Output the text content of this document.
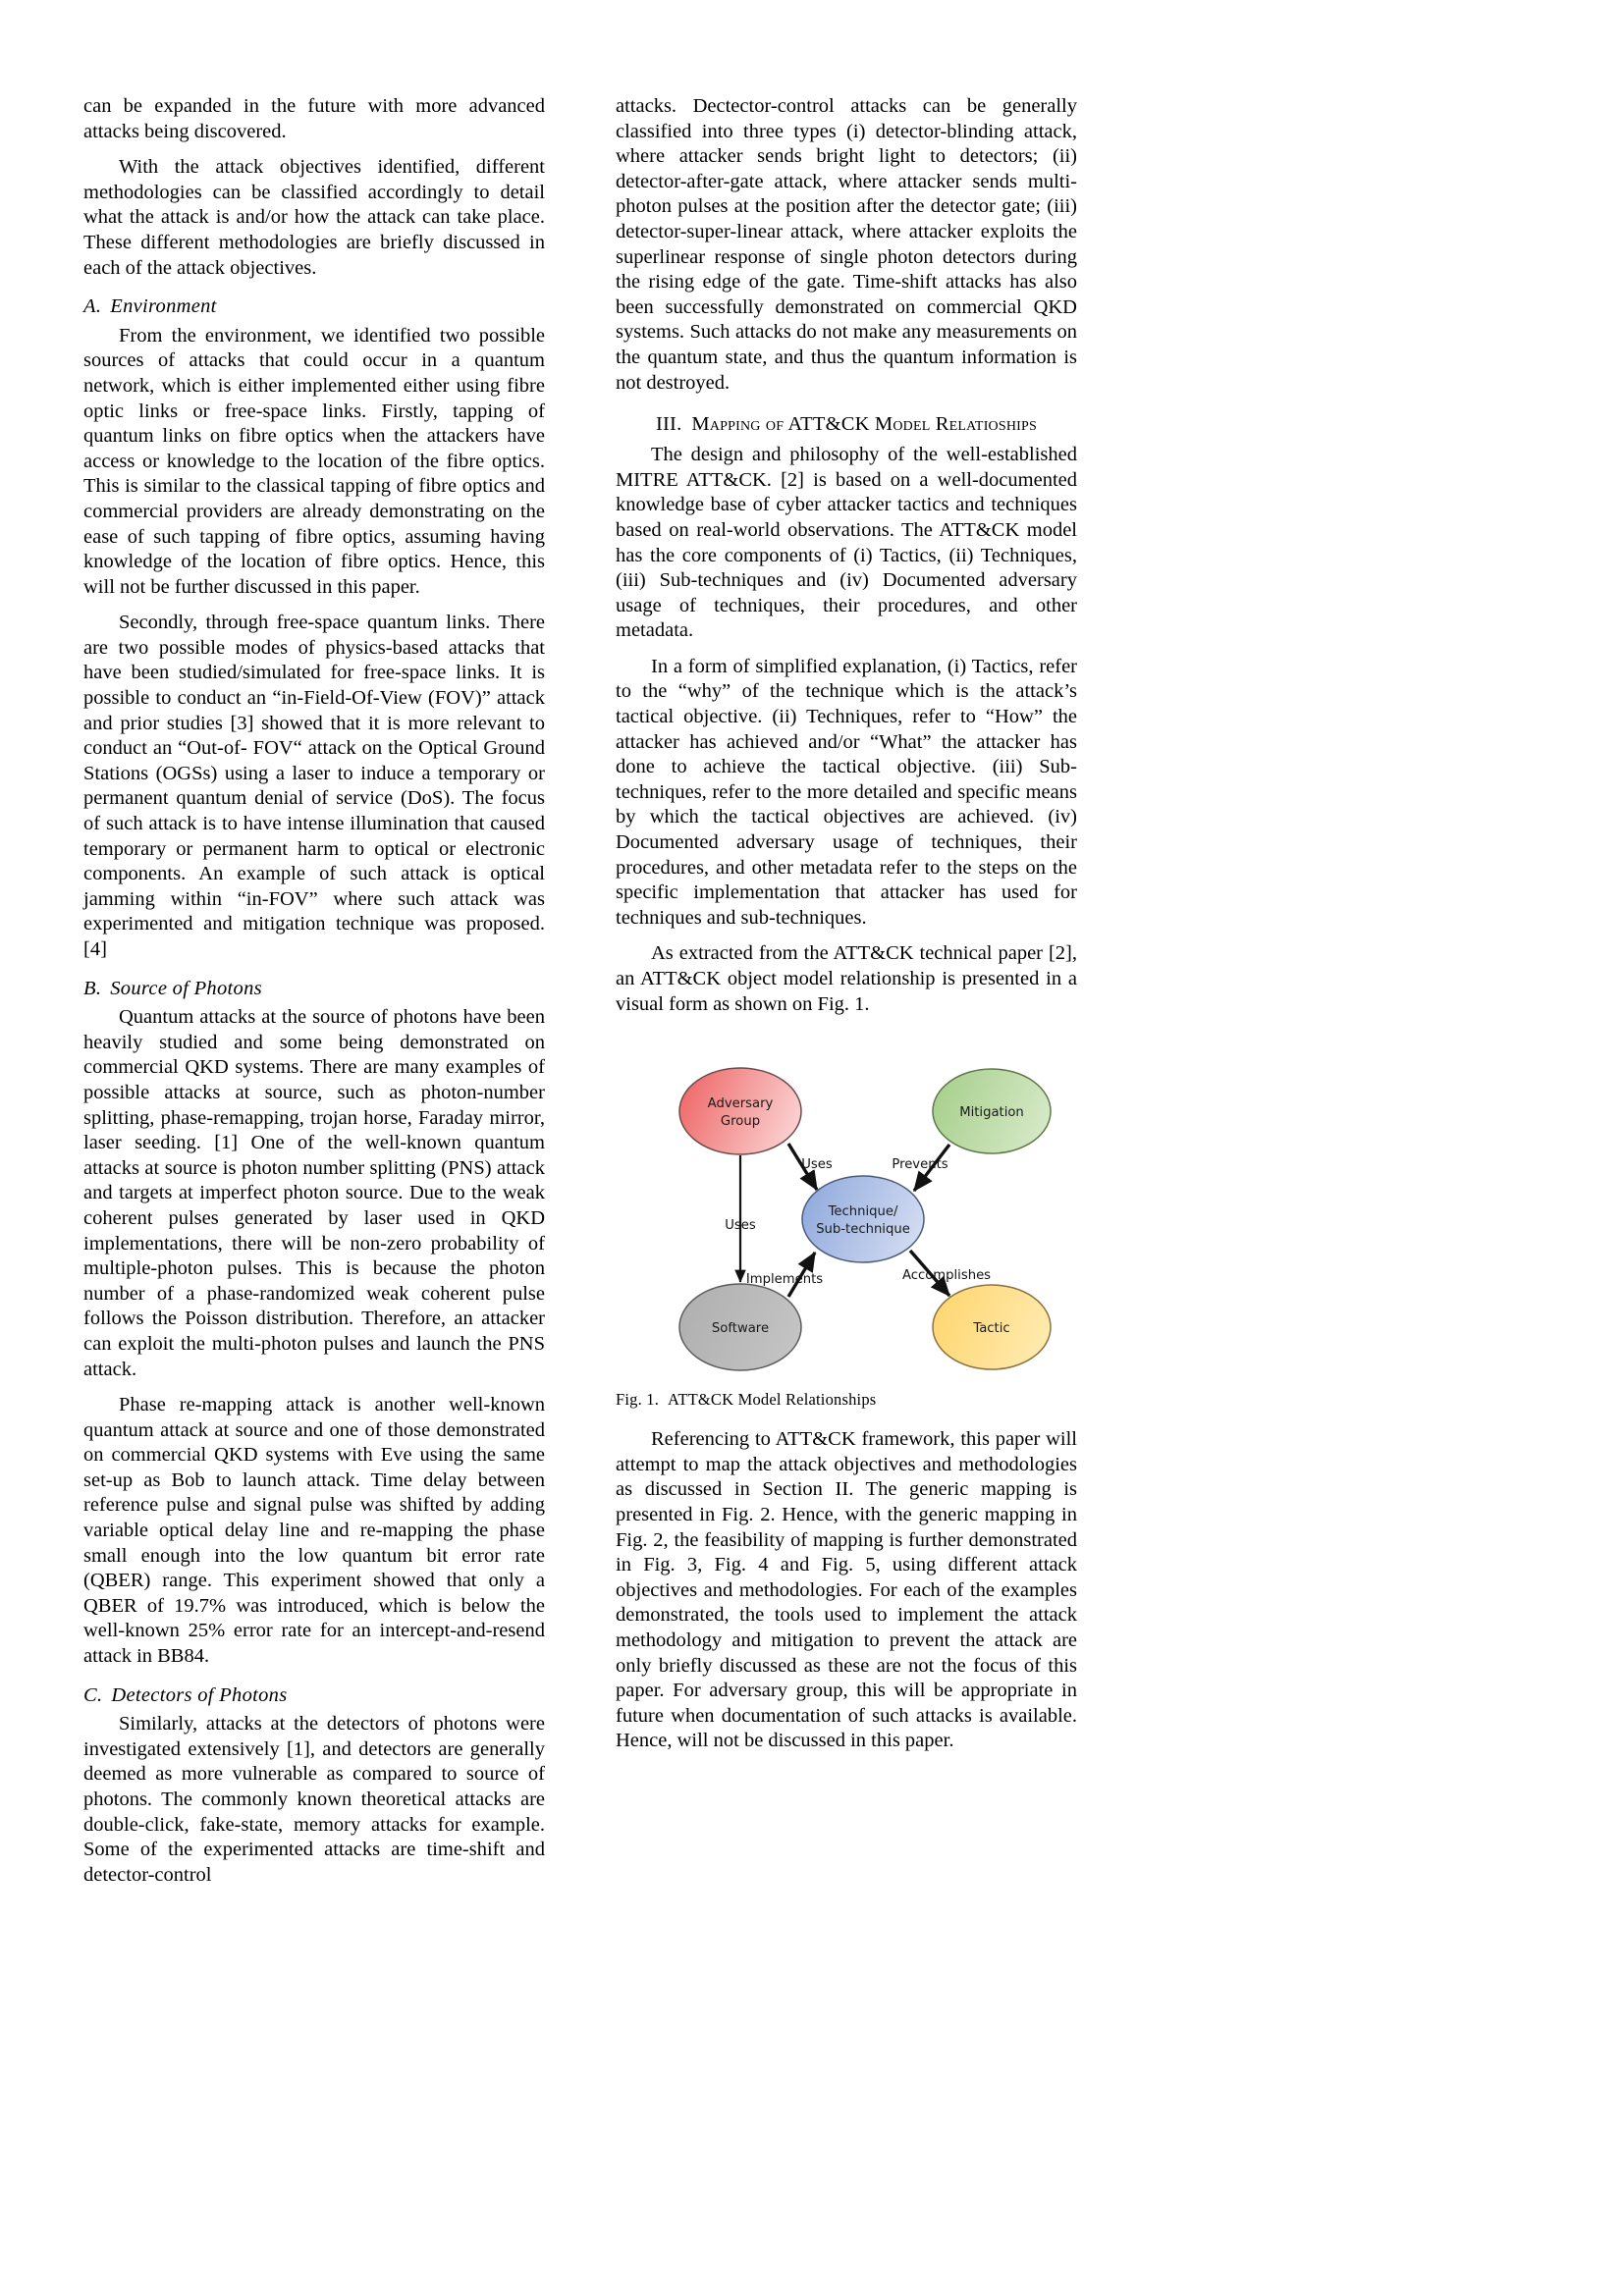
can be expanded in the future with more advanced attacks being discovered.

With the attack objectives identified, different methodologies can be classified accordingly to detail what the attack is and/or how the attack can take place. These different methodologies are briefly discussed in each of the attack objectives.

A. Environment

From the environment, we identified two possible sources of attacks that could occur in a quantum network, which is either implemented either using fibre optic links or free-space links. Firstly, tapping of quantum links on fibre optics when the attackers have access or knowledge to the location of the fibre optics. This is similar to the classical tapping of fibre optics and commercial providers are already demonstrating on the ease of such tapping of fibre optics, assuming having knowledge of the location of fibre optics. Hence, this will not be further discussed in this paper.

Secondly, through free-space quantum links. There are two possible modes of physics-based attacks that have been studied/simulated for free-space links. It is possible to conduct an “in-Field-Of-View (FOV)” attack and prior studies [3] showed that it is more relevant to conduct an “Out-of- FOV“ attack on the Optical Ground Stations (OGSs) using a laser to induce a temporary or permanent quantum denial of service (DoS). The focus of such attack is to have intense illumination that caused temporary or permanent harm to optical or electronic components. An example of such attack is optical jamming within “in-FOV” where such attack was experimented and mitigation technique was proposed. [4]

B. Source of Photons

Quantum attacks at the source of photons have been heavily studied and some being demonstrated on commercial QKD systems. There are many examples of possible attacks at source, such as photon-number splitting, phase-remapping, trojan horse, Faraday mirror, laser seeding. [1] One of the well-known quantum attacks at source is photon number splitting (PNS) attack and targets at imperfect photon source. Due to the weak coherent pulses generated by laser used in QKD implementations, there will be non-zero probability of multiple-photon pulses. This is because the photon number of a phase-randomized weak coherent pulse follows the Poisson distribution. Therefore, an attacker can exploit the multi-photon pulses and launch the PNS attack.

Phase re-mapping attack is another well-known quantum attack at source and one of those demonstrated on commercial QKD systems with Eve using the same set-up as Bob to launch attack. Time delay between reference pulse and signal pulse was shifted by adding variable optical delay line and re-mapping the phase small enough into the low quantum bit error rate (QBER) range. This experiment showed that only a QBER of 19.7% was introduced, which is below the well-known 25% error rate for an intercept-and-resend attack in BB84.

C. Detectors of Photons

Similarly, attacks at the detectors of photons were investigated extensively [1], and detectors are generally deemed as more vulnerable as compared to source of photons. The commonly known theoretical attacks are double-click, fake-state, memory attacks for example. Some of the experimented attacks are time-shift and detector-control

attacks. Dectector-control attacks can be generally classified into three types (i) detector-blinding attack, where attacker sends bright light to detectors; (ii) detector-after-gate attack, where attacker sends multi-photon pulses at the position after the detector gate; (iii) detector-super-linear attack, where attacker exploits the superlinear response of single photon detectors during the rising edge of the gate. Time-shift attacks has also been successfully demonstrated on commercial QKD systems. Such attacks do not make any measurements on the quantum state, and thus the quantum information is not destroyed.

III. Mapping of ATT&CK Model Relatioships

The design and philosophy of the well-established MITRE ATT&CK. [2] is based on a well-documented knowledge base of cyber attacker tactics and techniques based on real-world observations. The ATT&CK model has the core components of (i) Tactics, (ii) Techniques, (iii) Sub-techniques and (iv) Documented adversary usage of techniques, their procedures, and other metadata.

In a form of simplified explanation, (i) Tactics, refer to the “why” of the technique which is the attack’s tactical objective. (ii) Techniques, refer to “How” the attacker has achieved and/or “What” the attacker has done to achieve the tactical objective. (iii) Sub-techniques, refer to the more detailed and specific means by which the tactical objectives are achieved. (iv) Documented adversary usage of techniques, their procedures, and other metadata refer to the steps on the specific implementation that attacker has used for techniques and sub-techniques.

As extracted from the ATT&CK technical paper [2], an ATT&CK object model relationship is presented in a visual form as shown on Fig. 1.

Uses
Uses
Prevents
Implements	Accomplishes
Adversary
Group
Mitigation
Technique/
Sub-technique
Software	Tactic
Fig. 1. ATT&CK Model Relationships

Referencing to ATT&CK framework, this paper will attempt to map the attack objectives and methodologies as discussed in Section II. The generic mapping is presented in Fig. 2. Hence, with the generic mapping in Fig. 2, the feasibility of mapping is further demonstrated in Fig. 3, Fig. 4 and Fig. 5, using different attack objectives and methodologies. For each of the examples demonstrated, the tools used to implement the attack methodology and mitigation to prevent the attack are only briefly discussed as these are not the focus of this paper. For adversary group, this will be appropriate in future when documentation of such attacks is available. Hence, will not be discussed in this paper.
